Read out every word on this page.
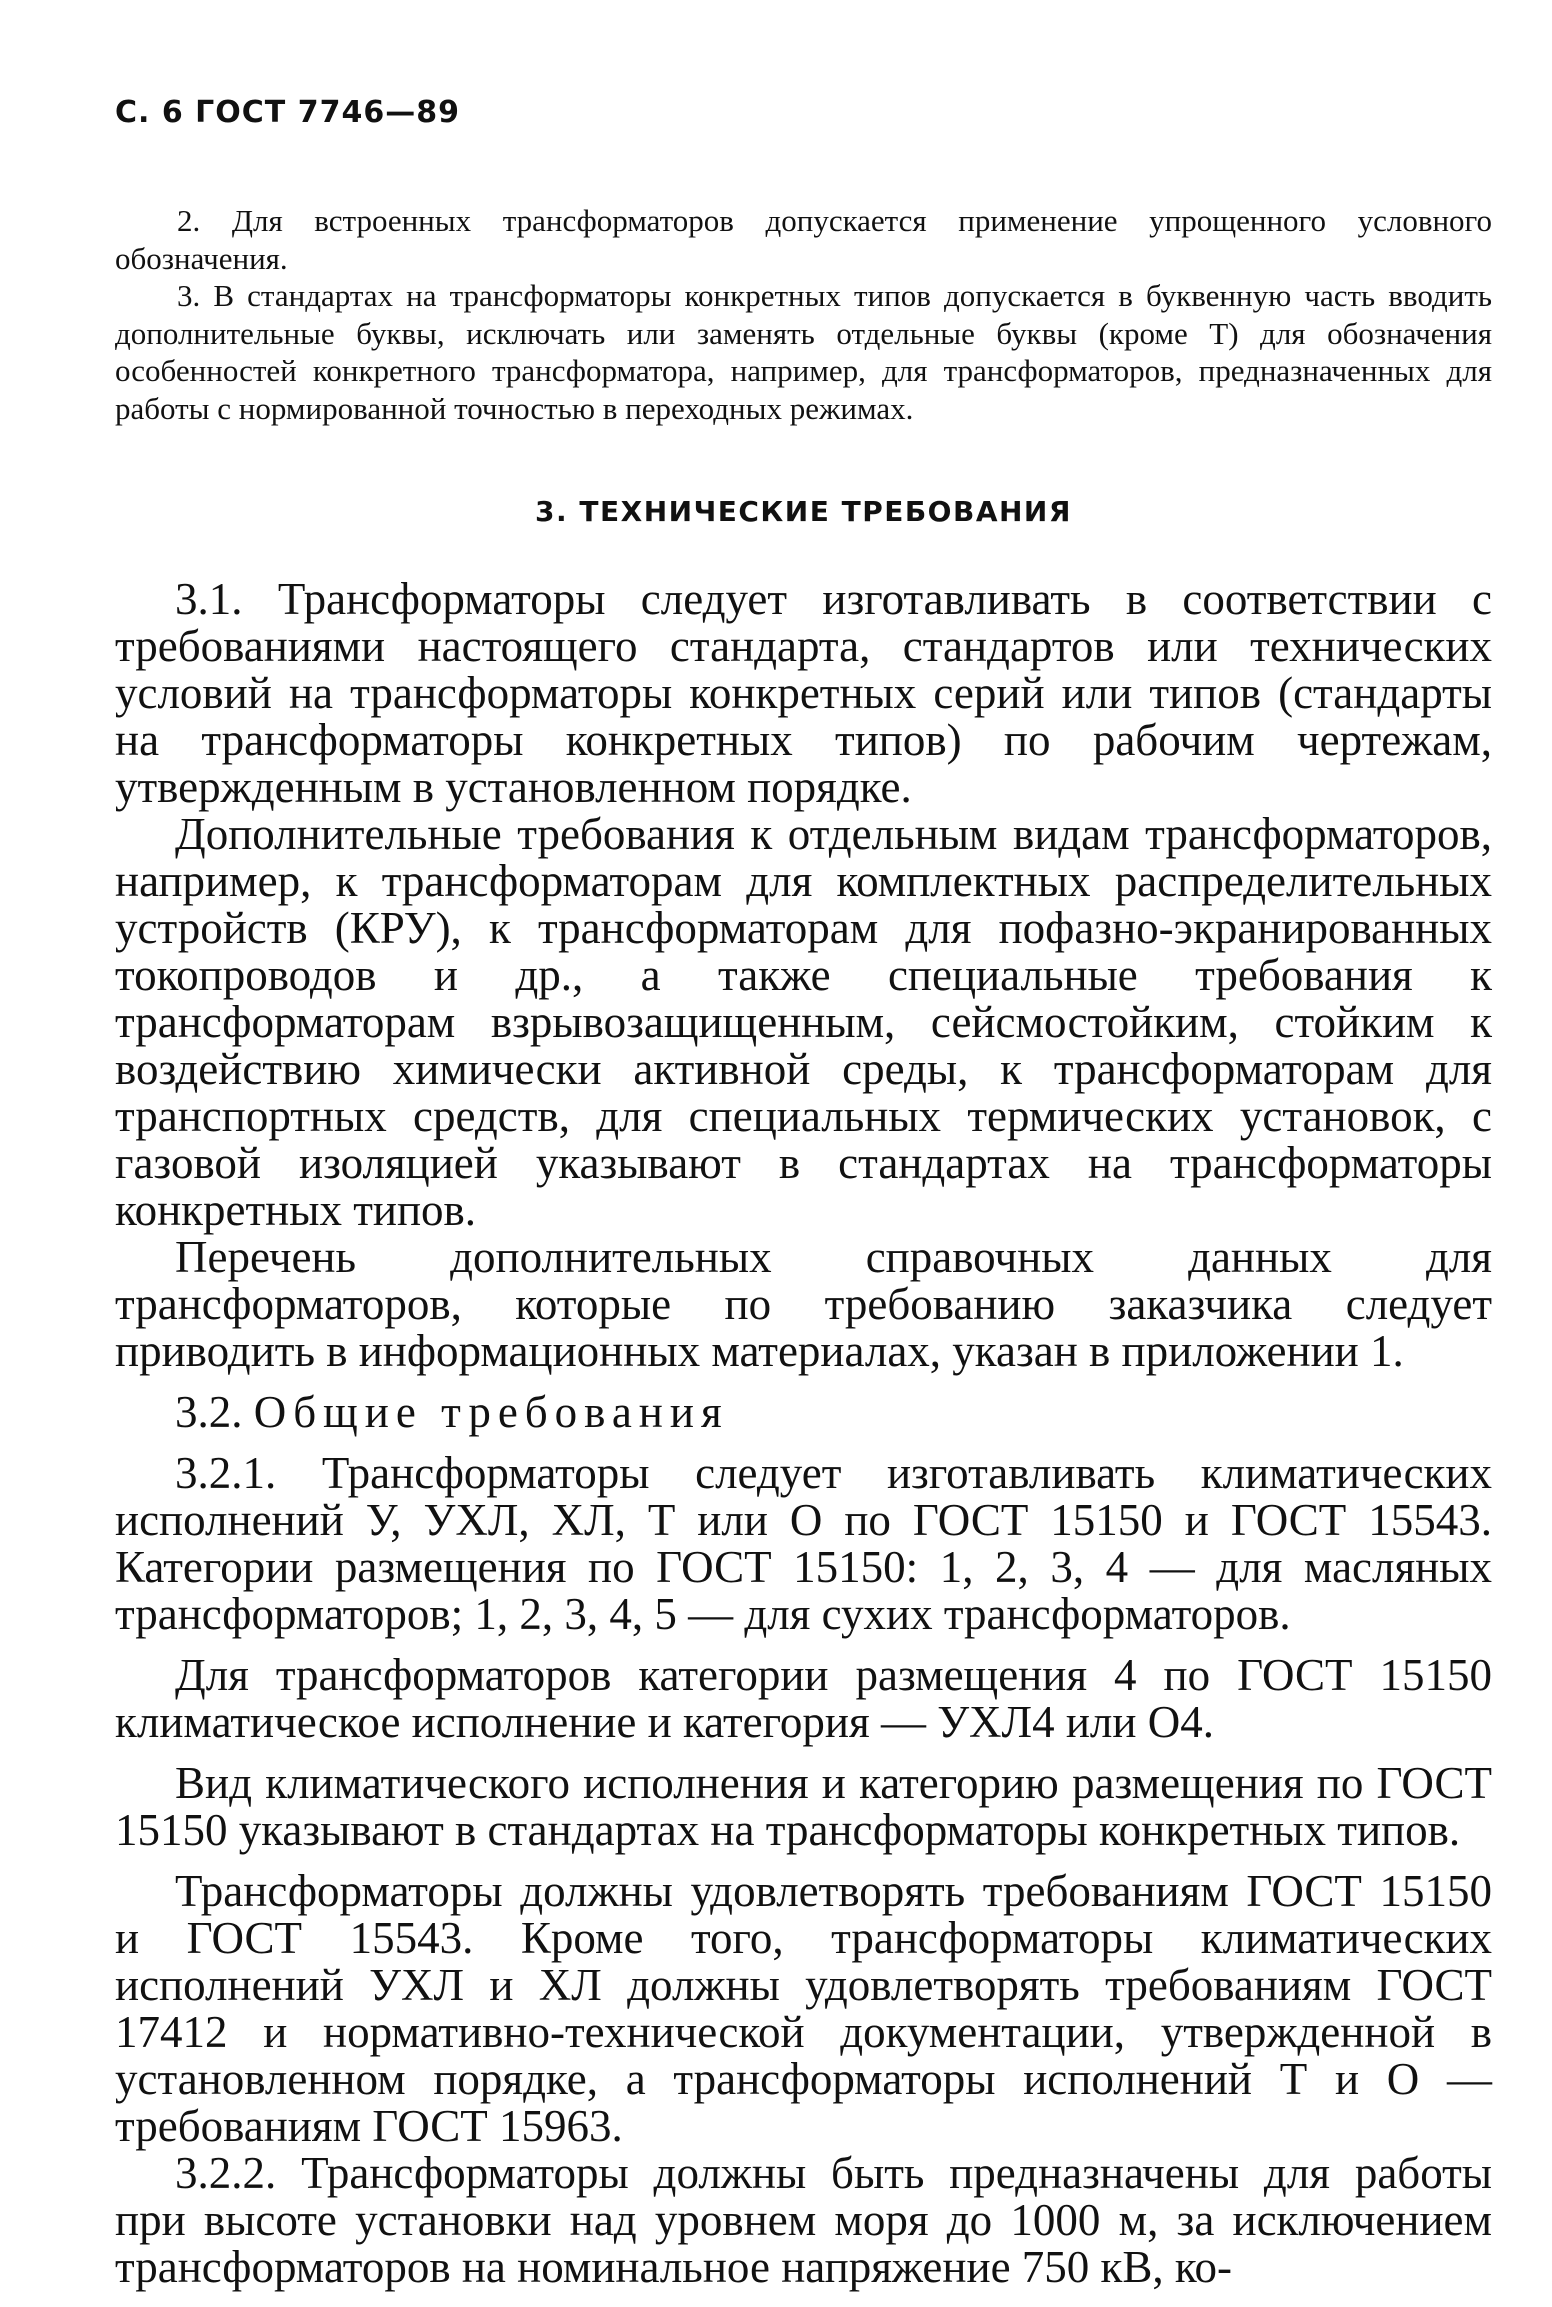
С. 6 ГОСТ 7746—89

2. Для встроенных трансформаторов допускается применение упрощенного условного обозначения.

3. В стандартах на трансформаторы конкретных типов допускается в буквенную часть вводить дополнительные буквы, исключать или заменять отдельные буквы (кроме Т) для обозначения особенностей конкретного трансформатора, например, для трансформаторов, предназначенных для работы с нормированной точностью в переходных режимах.

3. ТЕХНИЧЕСКИЕ ТРЕБОВАНИЯ

3.1. Трансформаторы следует изготавливать в соответствии с требованиями настоящего стандарта, стандартов или технических условий на трансформаторы конкретных серий или типов (стандарты на трансформаторы конкретных типов) по рабочим чертежам, утвержденным в установленном порядке.

Дополнительные требования к отдельным видам трансформаторов, например, к трансформаторам для комплектных распределительных устройств (КРУ), к трансформаторам для пофазно-экранированных токопроводов и др., а также специальные требования к трансформаторам взрывозащищенным, сейсмостойким, стойким к воздействию химически активной среды, к трансформаторам для транспортных средств, для специальных термических установок, с газовой изоляцией указывают в стандартах на трансформаторы конкретных типов.

Перечень дополнительных справочных данных для трансформаторов, которые по требованию заказчика следует приводить в информационных материалах, указан в приложении 1.

3.2. Общие требования

3.2.1. Трансформаторы следует изготавливать климатических исполнений У, УХЛ, ХЛ, Т или О по ГОСТ 15150 и ГОСТ 15543. Категории размещения по ГОСТ 15150: 1, 2, 3, 4 — для масляных трансформаторов; 1, 2, 3, 4, 5 — для сухих трансформаторов.

Для трансформаторов категории размещения 4 по ГОСТ 15150 климатическое исполнение и категория — УХЛ4 или О4.

Вид климатического исполнения и категорию размещения по ГОСТ 15150 указывают в стандартах на трансформаторы конкретных типов.

Трансформаторы должны удовлетворять требованиям ГОСТ 15150 и ГОСТ 15543. Кроме того, трансформаторы климатических исполнений УХЛ и ХЛ должны удовлетворять требованиям ГОСТ 17412 и нормативно-технической документации, утвержденной в установленном порядке, а трансформаторы исполнений Т и О — требованиям ГОСТ 15963.

3.2.2. Трансформаторы должны быть предназначены для работы при высоте установки над уровнем моря до 1000 м, за исключением трансформаторов на номинальное напряжение 750 кВ, ко-
